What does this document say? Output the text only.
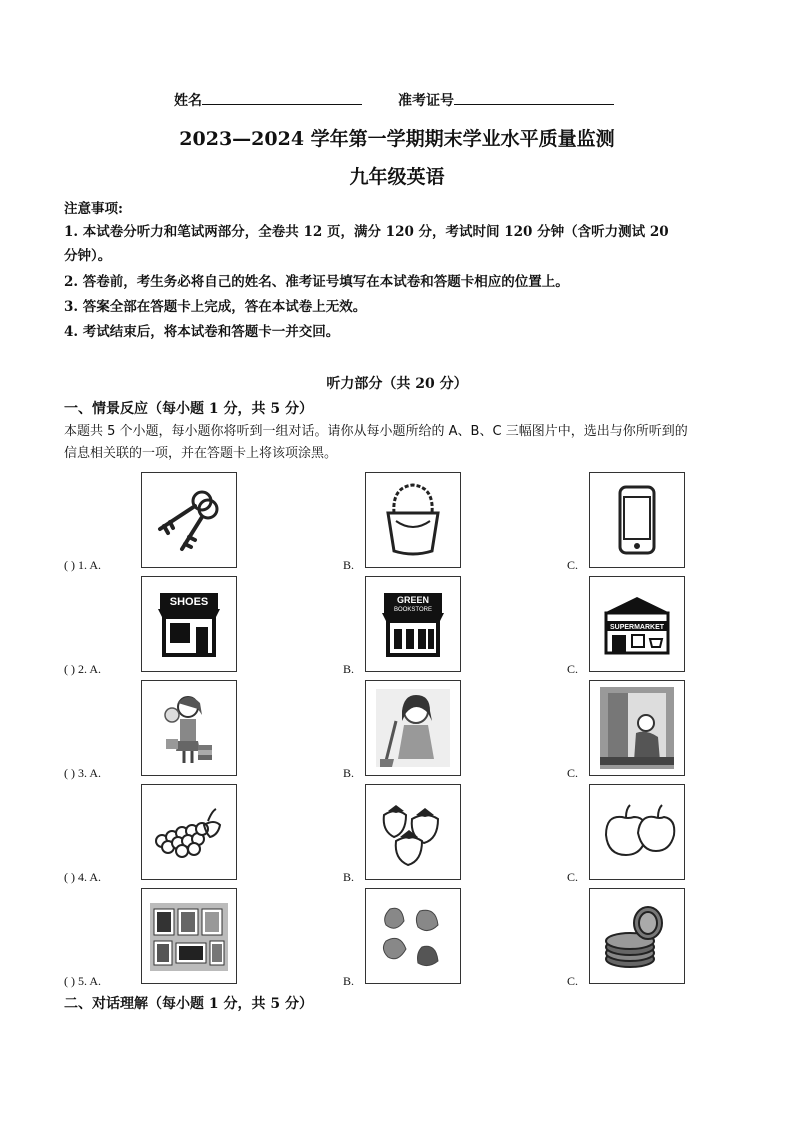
姓名	准考证号
2023—2024 学年第一学期期末学业水平质量监测
九年级英语
注意事项:
1. 本试卷分听力和笔试两部分，全卷共 12 页，满分 120 分，考试时间 120 分钟（含听力测试 20
分钟）。
2. 答卷前，考生务必将自己的姓名、准考证号填写在本试卷和答题卡相应的位置上。
3. 答案全部在答题卡上完成，答在本试卷上无效。
4. 考试结束后，将本试卷和答题卡一并交回。
听力部分（共 20 分）
一、情景反应（每小题 1 分，共 5 分）
本题共 5 个小题，每小题你将听到一组对话。请你从每小题所给的 A、B、C 三幅图片中，选出与你所听到的
信息相关联的一项，并在答题卡上将该项涂黑。
( ) 1. A.	B.	C.
( ) 2. A.
SHOES
B.
GREEN
BOOKSTORE
C.
SUPERMARKET
( ) 3. A.	B.	C.
( ) 4. A.	B.	C.
( ) 5. A.	B.	C.
二、对话理解（每小题 1 分，共 5 分）
